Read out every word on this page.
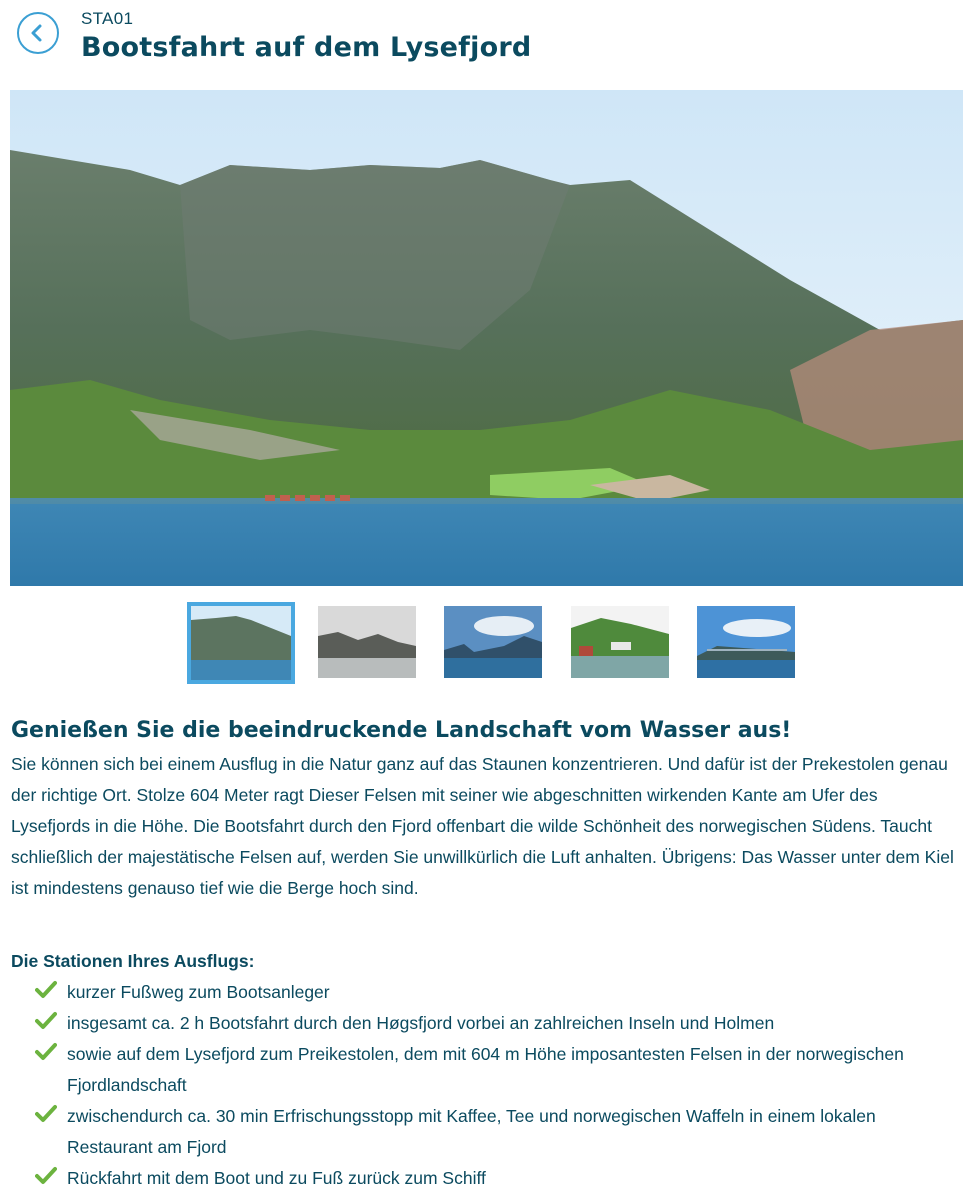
STA01
Bootsfahrt auf dem Lysefjord
Genießen Sie die beeindruckende Landschaft vom Wasser aus!

Sie können sich bei einem Ausflug in die Natur ganz auf das Staunen konzentrieren. Und dafür ist der Prekestolen genau der richtige Ort. Stolze 604 Meter ragt Dieser Felsen mit seiner wie abgeschnitten wirkenden Kante am Ufer des Lysefjords in die Höhe. Die Bootsfahrt durch den Fjord offenbart die wilde Schönheit des norwegischen Südens. Taucht schließlich der majestätische Felsen auf, werden Sie unwillkürlich die Luft anhalten. Übrigens: Das Wasser unter dem Kiel ist mindestens genauso tief wie die Berge hoch sind.

Die Stationen Ihres Ausflugs:

kurzer Fußweg zum Bootsanleger
insgesamt ca. 2 h Bootsfahrt durch den Høgsfjord vorbei an zahlreichen Inseln und Holmen
sowie auf dem Lysefjord zum Preikestolen, dem mit 604 m Höhe imposantesten Felsen in der norwegischen Fjordlandschaft
zwischendurch ca. 30 min Erfrischungsstopp mit Kaffee, Tee und norwegischen Waffeln in einem lokalen Restaurant am Fjord
Rückfahrt mit dem Boot und zu Fuß zurück zum Schiff
